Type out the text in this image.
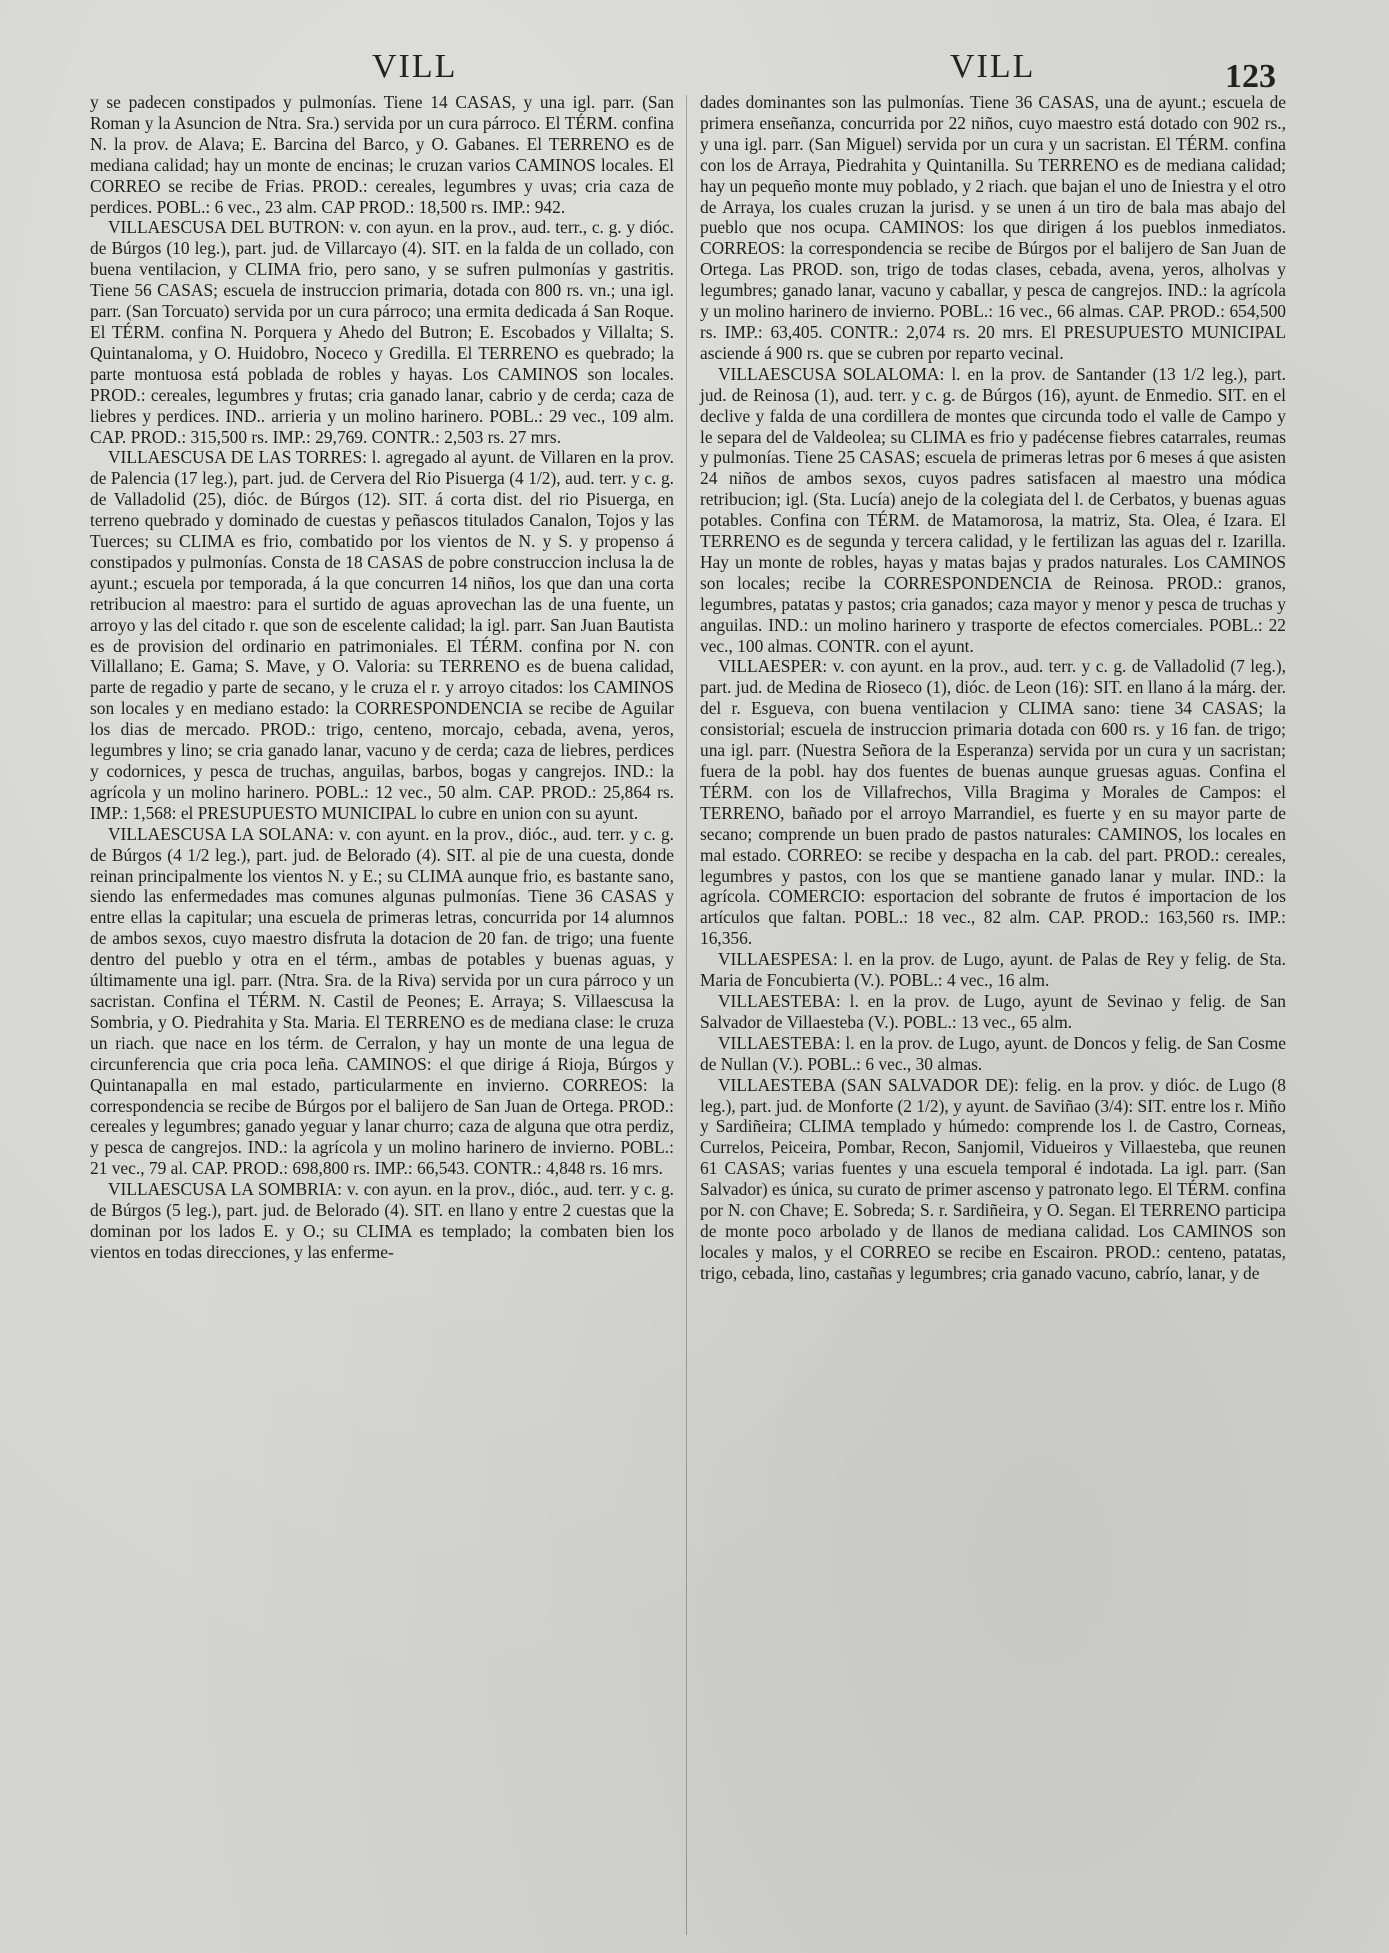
VILL	VILL	123

y se padecen constipados y pulmonías. Tiene 14 CASAS, y una igl. parr. (San Roman y la Asuncion de Ntra. Sra.) servida por un cura párroco. El TÉRM. confina N. la prov. de Alava; E. Barcina del Barco, y O. Gabanes. El TERRENO es de mediana calidad; hay un monte de encinas; le cruzan varios CAMINOS locales. El CORREO se recibe de Frias. PROD.: cereales, legumbres y uvas; cria caza de perdices. POBL.: 6 vec., 23 alm. CAP PROD.: 18,500 rs. IMP.: 942.

VILLAESCUSA DEL BUTRON: v. con ayun. en la prov., aud. terr., c. g. y dióc. de Búrgos (10 leg.), part. jud. de Villarcayo (4). SIT. en la falda de un collado, con buena ventilacion, y CLIMA frio, pero sano, y se sufren pulmonías y gastritis. Tiene 56 CASAS; escuela de instruccion primaria, dotada con 800 rs. vn.; una igl. parr. (San Torcuato) servida por un cura párroco; una ermita dedicada á San Roque. El TÉRM. confina N. Porquera y Ahedo del Butron; E. Escobados y Villalta; S. Quintanaloma, y O. Huidobro, Noceco y Gredilla. El TERRENO es quebrado; la parte montuosa está poblada de robles y hayas. Los CAMINOS son locales. PROD.: cereales, legumbres y frutas; cria ganado lanar, cabrio y de cerda; caza de liebres y perdices. IND.. arrieria y un molino harinero. POBL.: 29 vec., 109 alm. CAP. PROD.: 315,500 rs. IMP.: 29,769. CONTR.: 2,503 rs. 27 mrs.

VILLAESCUSA DE LAS TORRES: l. agregado al ayunt. de Villaren en la prov. de Palencia (17 leg.), part. jud. de Cervera del Rio Pisuerga (4 1/2), aud. terr. y c. g. de Valladolid (25), dióc. de Búrgos (12). SIT. á corta dist. del rio Pisuerga, en terreno quebrado y dominado de cuestas y peñascos titulados Canalon, Tojos y las Tuerces; su CLIMA es frio, combatido por los vientos de N. y S. y propenso á constipados y pulmonías. Consta de 18 CASAS de pobre construccion inclusa la de ayunt.; escuela por temporada, á la que concurren 14 niños, los que dan una corta retribucion al maestro: para el surtido de aguas aprovechan las de una fuente, un arroyo y las del citado r. que son de escelente calidad; la igl. parr. San Juan Bautista es de provision del ordinario en patrimoniales. El TÉRM. confina por N. con Villallano; E. Gama; S. Mave, y O. Valoria: su TERRENO es de buena calidad, parte de regadio y parte de secano, y le cruza el r. y arroyo citados: los CAMINOS son locales y en mediano estado: la CORRESPONDENCIA se recibe de Aguilar los dias de mercado. PROD.: trigo, centeno, morcajo, cebada, avena, yeros, legumbres y lino; se cria ganado lanar, vacuno y de cerda; caza de liebres, perdices y codornices, y pesca de truchas, anguilas, barbos, bogas y cangrejos. IND.: la agrícola y un molino harinero. POBL.: 12 vec., 50 alm. CAP. PROD.: 25,864 rs. IMP.: 1,568: el PRESUPUESTO MUNICIPAL lo cubre en union con su ayunt.

VILLAESCUSA LA SOLANA: v. con ayunt. en la prov., dióc., aud. terr. y c. g. de Búrgos (4 1/2 leg.), part. jud. de Belorado (4). SIT. al pie de una cuesta, donde reinan principalmente los vientos N. y E.; su CLIMA aunque frio, es bastante sano, siendo las enfermedades mas comunes algunas pulmonías. Tiene 36 CASAS y entre ellas la capitular; una escuela de primeras letras, concurrida por 14 alumnos de ambos sexos, cuyo maestro disfruta la dotacion de 20 fan. de trigo; una fuente dentro del pueblo y otra en el térm., ambas de potables y buenas aguas, y últimamente una igl. parr. (Ntra. Sra. de la Riva) servida por un cura párroco y un sacristan. Confina el TÉRM. N. Castil de Peones; E. Arraya; S. Villaescusa la Sombria, y O. Piedrahita y Sta. Maria. El TERRENO es de mediana clase: le cruza un riach. que nace en los térm. de Cerralon, y hay un monte de una legua de circunferencia que cria poca leña. CAMINOS: el que dirige á Rioja, Búrgos y Quintanapalla en mal estado, particularmente en invierno. CORREOS: la correspondencia se recibe de Búrgos por el balijero de San Juan de Ortega. PROD.: cereales y legumbres; ganado yeguar y lanar churro; caza de alguna que otra perdiz, y pesca de cangrejos. IND.: la agrícola y un molino harinero de invierno. POBL.: 21 vec., 79 al. CAP. PROD.: 698,800 rs. IMP.: 66,543. CONTR.: 4,848 rs. 16 mrs.

VILLAESCUSA LA SOMBRIA: v. con ayun. en la prov., dióc., aud. terr. y c. g. de Búrgos (5 leg.), part. jud. de Belorado (4). SIT. en llano y entre 2 cuestas que la dominan por los lados E. y O.; su CLIMA es templado; la combaten bien los vientos en todas direcciones, y las enferme-

dades dominantes son las pulmonías. Tiene 36 CASAS, una de ayunt.; escuela de primera enseñanza, concurrida por 22 niños, cuyo maestro está dotado con 902 rs., y una igl. parr. (San Miguel) servida por un cura y un sacristan. El TÉRM. confina con los de Arraya, Piedrahita y Quintanilla. Su TERRENO es de mediana calidad; hay un pequeño monte muy poblado, y 2 riach. que bajan el uno de Iniestra y el otro de Arraya, los cuales cruzan la jurisd. y se unen á un tiro de bala mas abajo del pueblo que nos ocupa. CAMINOS: los que dirigen á los pueblos inmediatos. CORREOS: la correspondencia se recibe de Búrgos por el balijero de San Juan de Ortega. Las PROD. son, trigo de todas clases, cebada, avena, yeros, alholvas y legumbres; ganado lanar, vacuno y caballar, y pesca de cangrejos. IND.: la agrícola y un molino harinero de invierno. POBL.: 16 vec., 66 almas. CAP. PROD.: 654,500 rs. IMP.: 63,405. CONTR.: 2,074 rs. 20 mrs. El PRESUPUESTO MUNICIPAL asciende á 900 rs. que se cubren por reparto vecinal.

VILLAESCUSA SOLALOMA: l. en la prov. de Santander (13 1/2 leg.), part. jud. de Reinosa (1), aud. terr. y c. g. de Búrgos (16), ayunt. de Enmedio. SIT. en el declive y falda de una cordillera de montes que circunda todo el valle de Campo y le separa del de Valdeolea; su CLIMA es frio y padécense fiebres catarrales, reumas y pulmonías. Tiene 25 CASAS; escuela de primeras letras por 6 meses á que asisten 24 niños de ambos sexos, cuyos padres satisfacen al maestro una módica retribucion; igl. (Sta. Lucía) anejo de la colegiata del l. de Cerbatos, y buenas aguas potables. Confina con TÉRM. de Matamorosa, la matriz, Sta. Olea, é Izara. El TERRENO es de segunda y tercera calidad, y le fertilizan las aguas del r. Izarilla. Hay un monte de robles, hayas y matas bajas y prados naturales. Los CAMINOS son locales; recibe la CORRESPONDENCIA de Reinosa. PROD.: granos, legumbres, patatas y pastos; cria ganados; caza mayor y menor y pesca de truchas y anguilas. IND.: un molino harinero y trasporte de efectos comerciales. POBL.: 22 vec., 100 almas. CONTR. con el ayunt.

VILLAESPER: v. con ayunt. en la prov., aud. terr. y c. g. de Valladolid (7 leg.), part. jud. de Medina de Rioseco (1), dióc. de Leon (16): SIT. en llano á la márg. der. del r. Esgueva, con buena ventilacion y CLIMA sano: tiene 34 CASAS; la consistorial; escuela de instruccion primaria dotada con 600 rs. y 16 fan. de trigo; una igl. parr. (Nuestra Señora de la Esperanza) servida por un cura y un sacristan; fuera de la pobl. hay dos fuentes de buenas aunque gruesas aguas. Confina el TÉRM. con los de Villafrechos, Villa Bragima y Morales de Campos: el TERRENO, bañado por el arroyo Marrandiel, es fuerte y en su mayor parte de secano; comprende un buen prado de pastos naturales: CAMINOS, los locales en mal estado. CORREO: se recibe y despacha en la cab. del part. PROD.: cereales, legumbres y pastos, con los que se mantiene ganado lanar y mular. IND.: la agrícola. COMERCIO: esportacion del sobrante de frutos é importacion de los artículos que faltan. POBL.: 18 vec., 82 alm. CAP. PROD.: 163,560 rs. IMP.: 16,356.

VILLAESPESA: l. en la prov. de Lugo, ayunt. de Palas de Rey y felig. de Sta. Maria de Foncubierta (V.). POBL.: 4 vec., 16 alm.

VILLAESTEBA: l. en la prov. de Lugo, ayunt de Sevinao y felig. de San Salvador de Villaesteba (V.). POBL.: 13 vec., 65 alm.

VILLAESTEBA: l. en la prov. de Lugo, ayunt. de Doncos y felig. de San Cosme de Nullan (V.). POBL.: 6 vec., 30 almas.

VILLAESTEBA (SAN SALVADOR DE): felig. en la prov. y dióc. de Lugo (8 leg.), part. jud. de Monforte (2 1/2), y ayunt. de Saviñao (3/4): SIT. entre los r. Miño y Sardiñeira; CLIMA templado y húmedo: comprende los l. de Castro, Corneas, Currelos, Peiceira, Pombar, Recon, Sanjomil, Vidueiros y Villaesteba, que reunen 61 CASAS; varias fuentes y una escuela temporal é indotada. La igl. parr. (San Salvador) es única, su curato de primer ascenso y patronato lego. El TÉRM. confina por N. con Chave; E. Sobreda; S. r. Sardiñeira, y O. Segan. El TERRENO participa de monte poco arbolado y de llanos de mediana calidad. Los CAMINOS son locales y malos, y el CORREO se recibe en Escairon. PROD.: centeno, patatas, trigo, cebada, lino, castañas y legumbres; cria ganado vacuno, cabrío, lanar, y de
